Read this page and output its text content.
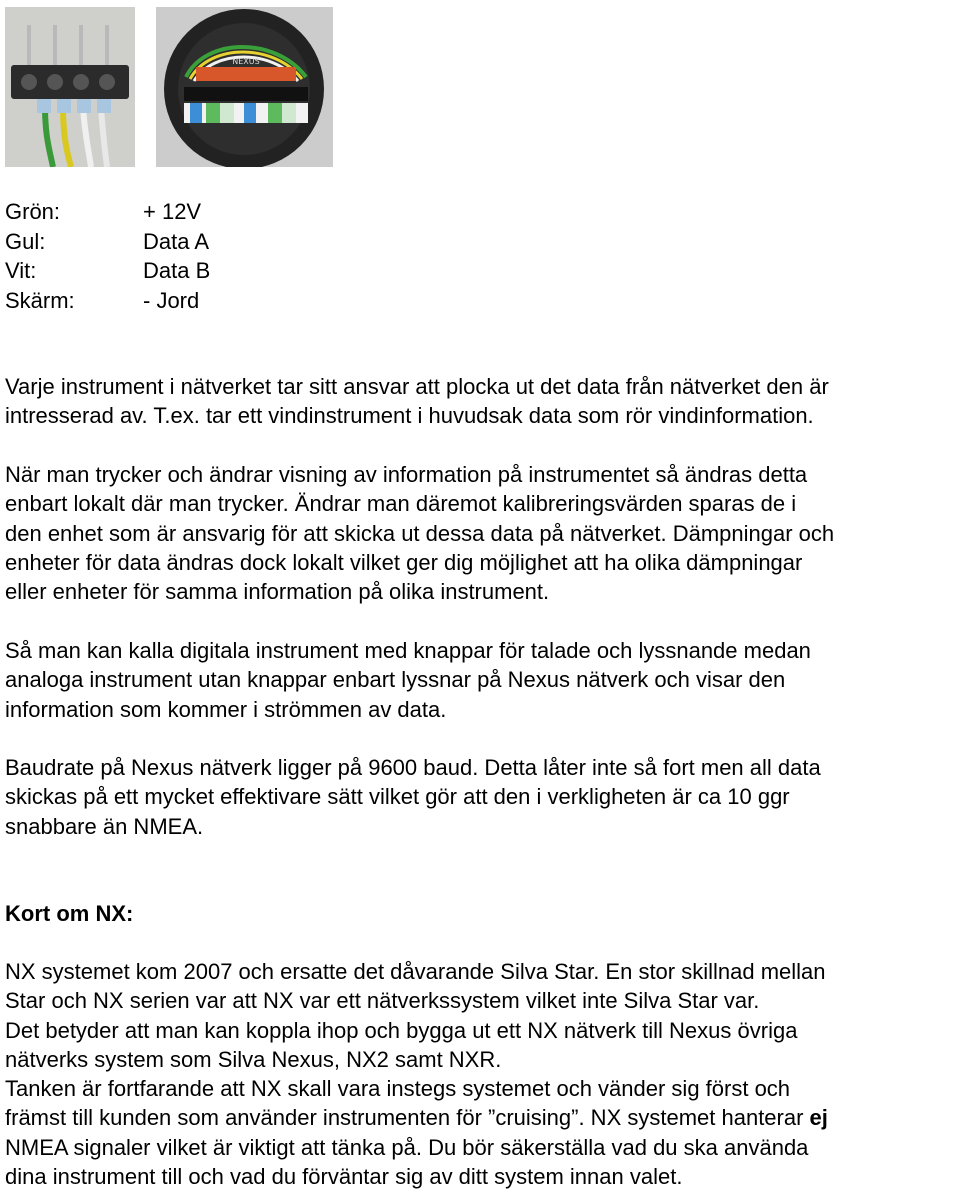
NEXUS
Grön:	+ 12V
Gul:	Data A
Vit:	Data B
Skärm:	- Jord
Varje instrument i nätverket tar sitt ansvar att plocka ut det data från nätverket den är
intresserad av. T.ex. tar ett vindinstrument i huvudsak data som rör vindinformation.
När man trycker och ändrar visning av information på instrumentet så ändras detta
enbart lokalt där man trycker. Ändrar man däremot kalibreringsvärden sparas de i
den enhet som är ansvarig för att skicka ut dessa data på nätverket. Dämpningar och
enheter för data ändras dock lokalt vilket ger dig möjlighet att ha olika dämpningar
eller enheter för samma information på olika instrument.
Så man kan kalla digitala instrument med knappar för talade och lyssnande medan
analoga instrument utan knappar enbart lyssnar på Nexus nätverk och visar den
information som kommer i strömmen av data.
Baudrate på Nexus nätverk ligger på 9600 baud. Detta låter inte så fort men all data
skickas på ett mycket effektivare sätt vilket gör att den i verkligheten är ca 10 ggr
snabbare än NMEA.
Kort om NX:
NX systemet kom 2007 och ersatte det dåvarande Silva Star. En stor skillnad mellan
Star och NX serien var att NX var ett nätverkssystem vilket inte Silva Star var.
Det betyder att man kan koppla ihop och bygga ut ett NX nätverk till Nexus övriga
nätverks system som Silva Nexus, NX2 samt NXR.
Tanken är fortfarande att NX skall vara instegs systemet och vänder sig först och
främst till kunden som använder instrumenten för ”cruising”. NX systemet hanterar ej
NMEA signaler vilket är viktigt att tänka på. Du bör säkerställa vad du ska använda
dina instrument till och vad du förväntar sig av ditt system innan valet.
